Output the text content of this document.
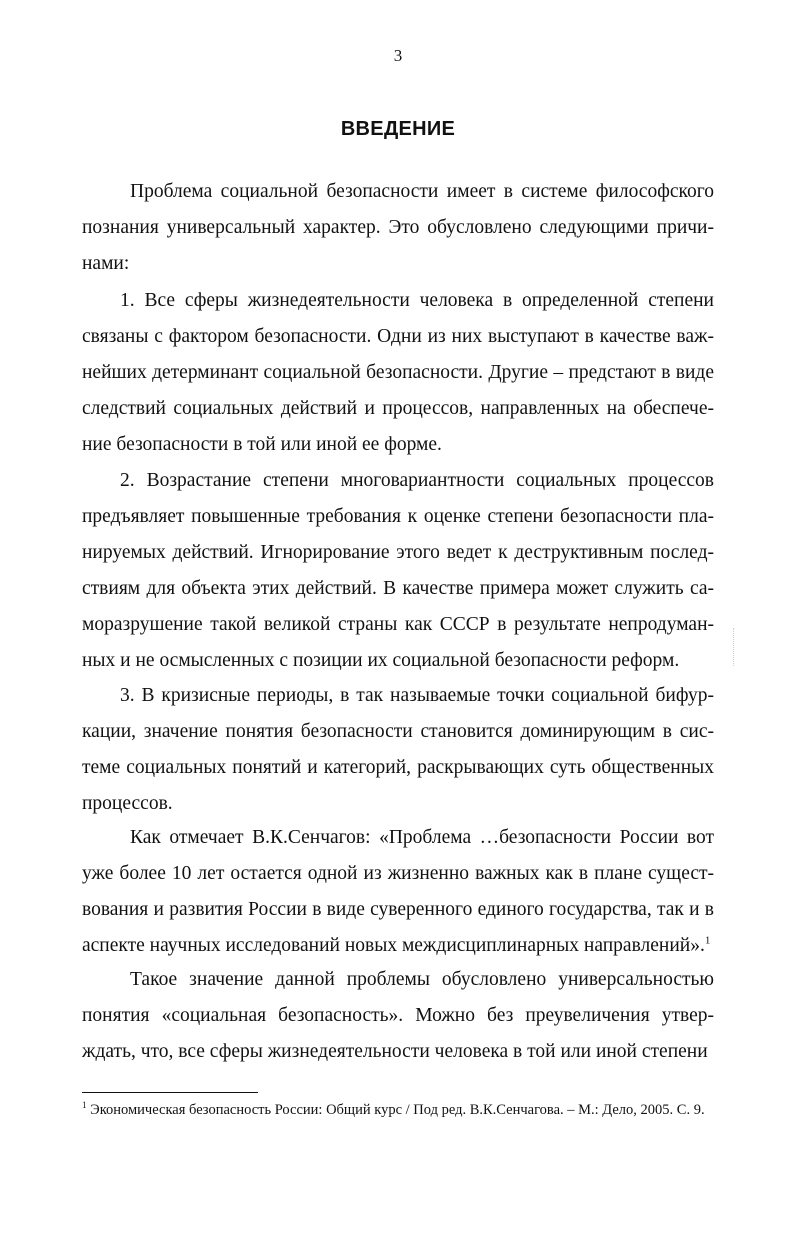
3
ВВЕДЕНИЕ

Проблема социальной безопасности имеет в системе философского познания универсальный характер. Это обусловлено следующими причи-нами:

1. Все сферы жизнедеятельности человека в определенной степени связаны с фактором безопасности. Одни из них выступают в качестве важ-нейших детерминант социальной безопасности. Другие – предстают в виде следствий социальных действий и процессов, направленных на обеспече-ние безопасности в той или иной ее форме.

2. Возрастание степени многовариантности социальных процессов предъявляет повышенные требования к оценке степени безопасности пла-нируемых действий. Игнорирование этого ведет к деструктивным послед-ствиям для объекта этих действий. В качестве примера может служить са-моразрушение такой великой страны как СССР в результате непродуман-ных и не осмысленных с позиции их социальной безопасности реформ.

3. В кризисные периоды, в так называемые точки социальной бифур-кации, значение понятия безопасности становится доминирующим в сис-теме социальных понятий и категорий, раскрывающих суть общественных процессов.

Как отмечает В.К.Сенчагов: «Проблема …безопасности России вот уже более 10 лет остается одной из жизненно важных как в плане сущест-вования и развития России в виде суверенного единого государства, так и в аспекте научных исследований новых междисциплинарных направлений».$^1$

Такое значение данной проблемы обусловлено универсальностью понятия «социальная безопасность». Можно без преувеличения утвер-ждать, что, все сферы жизнедеятельности человека в той или иной степени

$^1$ Экономическая безопасность России: Общий курс / Под ред. В.К.Сенчагова. – М.: Дело, 2005. С. 9.
